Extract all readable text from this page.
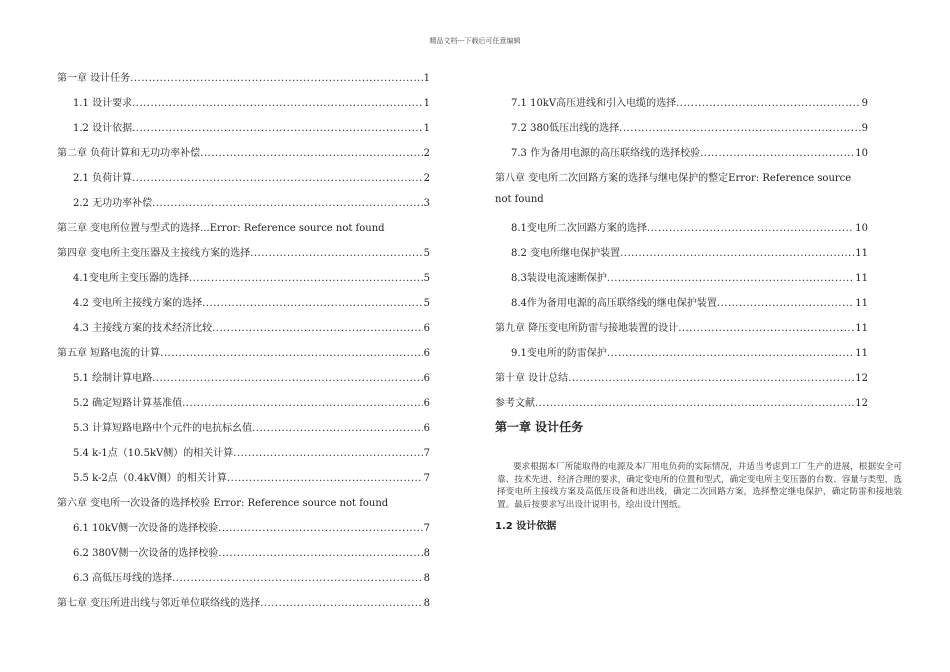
精品文档---下载后可任意编辑
第一章 设计任务 .....	1
1.1 设计要求 .....	1
1.2 设计依据 .....	1
第二章 负荷计算和无功功率补偿 .....	2
2.1 负荷计算 .....	2
2.2 无功功率补偿 .....	3
第三章 变电所位置与型式的选择...Error: Reference source not found
第四章 变电所主变压器及主接线方案的选择 .....	5
4.1变电所主变压器的选择 .....	5
4.2 变电所主接线方案的选择 .....	5
4.3 主接线方案的技术经济比较 .....	6
第五章 短路电流的计算 .....	6
5.1 绘制计算电路 .....	6
5.2 确定短路计算基准值 .....	6
5.3 计算短路电路中个元件的电抗标幺值 .....	6
5.4 k-1点（10.5kV侧）的相关计算 .....	7
5.5 k-2点（0.4kV侧）的相关计算 .....	7
第六章 变电所一次设备的选择校验 Error: Reference source not found
6.1 10kV侧一次设备的选择校验 .....	7
6.2 380V侧一次设备的选择校验 .....	8
6.3 高低压母线的选择 .....	8
第七章 变压所进出线与邻近单位联络线的选择 .....	8
7.1 10kV高压进线和引入电缆的选择 .....	9
7.2 380低压出线的选择 .....	9
7.3 作为备用电源的高压联络线的选择校验 .....	10
第八章 变电所二次回路方案的选择与继电保护的整定Error: Reference source
not found
8.1变电所二次回路方案的选择 .....	10
8.2 变电所继电保护装置 .....	11
8.3装设电流速断保护 .....	11
8.4作为备用电源的高压联络线的继电保护装置 .....	11
第九章 降压变电所防雷与接地装置的设计 .....	11
9.1变电所的防雷保护 .....	11
第十章 设计总结 .....	12
参考文献 .....	12
第一章 设计任务
要求根据本厂所能取得的电源及本厂用电负荷的实际情况，并适当考虑到工厂生产的进展，根据安全可靠、技术先进、经济合理的要求，确定变电所的位置和型式，确定变电所主变压器的台数、容量与类型，选择变电所主接线方案及高低压设备和进出线，确定二次回路方案，选择整定继电保护，确定防雷和接地装置。最后按要求写出设计说明书，绘出设计图纸。
1.2 设计依据
